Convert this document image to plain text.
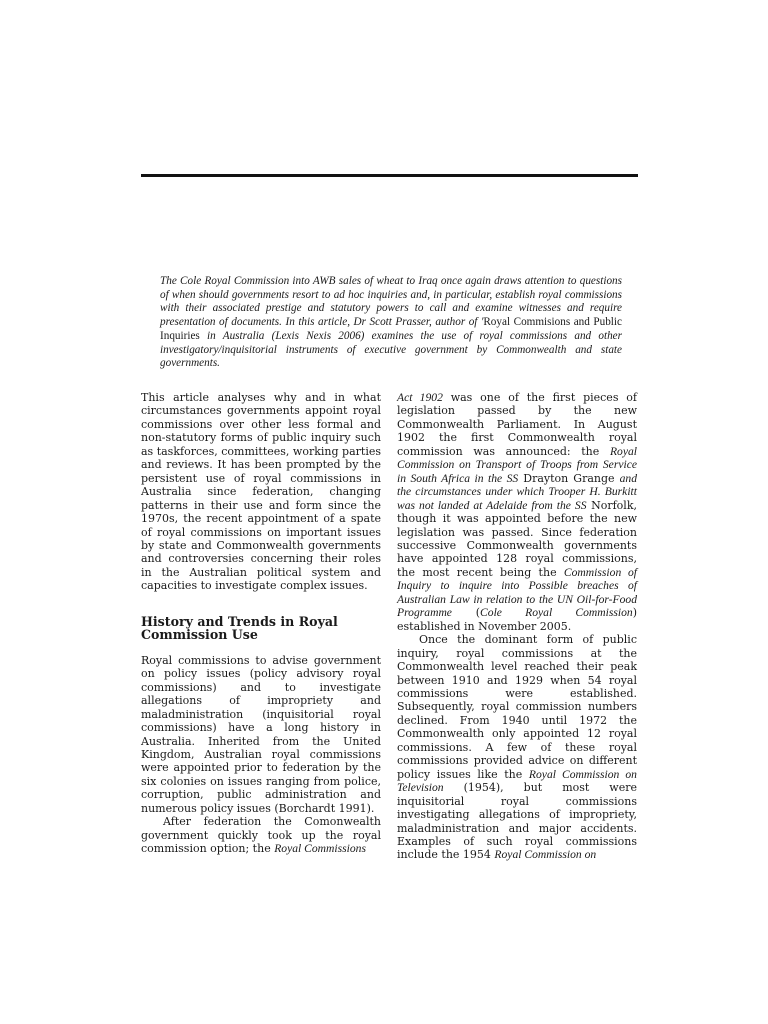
The Cole Royal Commission into AWB sales of wheat to Iraq once again draws attention to questions of when should governments resort to ad hoc inquiries and, in particular, establish royal commissions with their associated prestige and statutory powers to call and examine witnesses and require presentation of documents. In this article, Dr Scott Prasser, author of 'Royal Commisions and Public Inquiries in Australia (Lexis Nexis 2006) examines the use of royal commissions and other investigatory/inquisitorial instruments of executive government by Commonwealth and state governments.

This article analyses why and in what circumstances governments appoint royal commissions over other less formal and non-statutory forms of public inquiry such as taskforces, committees, working parties and reviews. It has been prompted by the persistent use of royal commissions in Australia since federation, changing patterns in their use and form since the 1970s, the recent appointment of a spate of royal commissions on important issues by state and Commonwealth governments and controversies concerning their roles in the Australian political system and capacities to investigate complex issues.

History and Trends in Royal Commission Use

Royal commissions to advise government on policy issues (policy advisory royal commissions) and to investigate allegations of impropriety and maladministration (inquisitorial royal commissions) have a long history in Australia. Inherited from the United Kingdom, Australian royal commissions were appointed prior to federation by the six colonies on issues ranging from police, corruption, public administration and numerous policy issues (Borchardt 1991).

After federation the Comonwealth government quickly took up the royal commission option; the Royal Commissions

Act 1902 was one of the first pieces of legislation passed by the new Commonwealth Parliament. In August 1902 the first Commonwealth royal commission was announced: the Royal Commission on Transport of Troops from Service in South Africa in the SS Drayton Grange and the circumstances under which Trooper H. Burkitt was not landed at Adelaide from the SS Norfolk, though it was appointed before the new legislation was passed. Since federation successive Commonwealth governments have appointed 128 royal commissions, the most recent being the Commission of Inquiry to inquire into Possible breaches of Australian Law in relation to the UN Oil-for-Food Programme (Cole Royal Commission) established in November 2005.

Once the dominant form of public inquiry, royal commissions at the Commonwealth level reached their peak between 1910 and 1929 when 54 royal commissions were established. Subsequently, royal commission numbers declined. From 1940 until 1972 the Commonwealth only appointed 12 royal commissions. A few of these royal commissions provided advice on different policy issues like the Royal Commission on Television (1954), but most were inquisitorial royal commissions investigating allegations of impropriety, maladministration and major accidents. Examples of such royal commissions include the 1954 Royal Commission on
